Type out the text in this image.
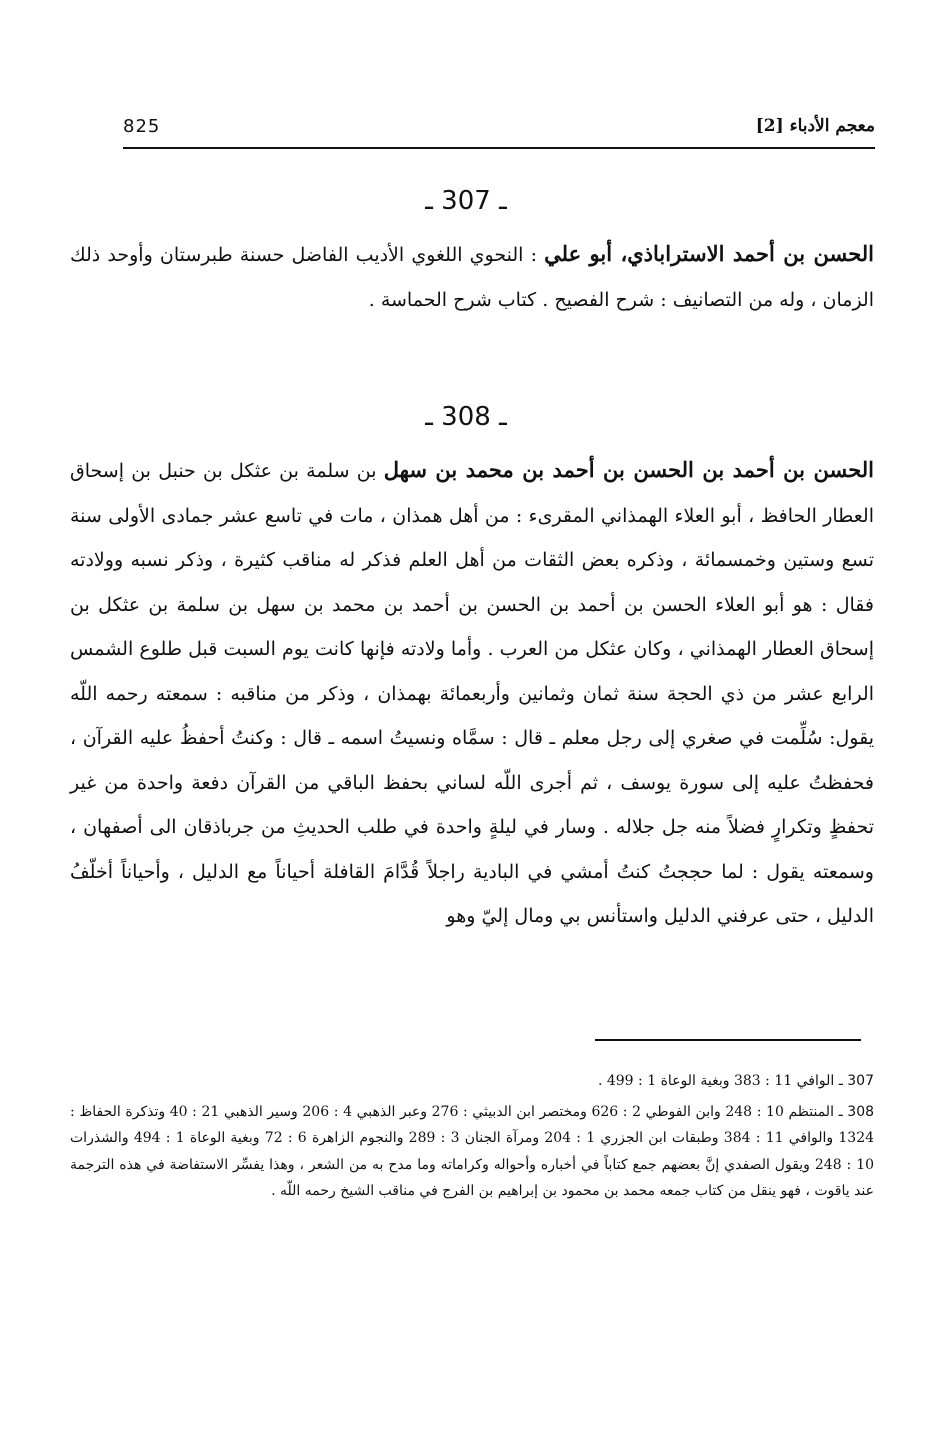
825	معجم الأدباء [2]
ـ 307 ـ
الحسن بن أحمد الاستراباذي، أبو علي : النحوي اللغوي الأديب الفاضل حسنة طبرستان وأوحد ذلك الزمان ، وله من التصانيف : شرح الفصيح . كتاب شرح الحماسة .
ـ 308 ـ
الحسن بن أحمد بن الحسن بن أحمد بن محمد بن سهل بن سلمة بن عثكل بن حنبل بن إسحاق العطار الحافظ ، أبو العلاء الهمذاني المقرىء : من أهل همذان ، مات في تاسع عشر جمادى الأولى سنة تسع وستين وخمسمائة ، وذكره بعض الثقات من أهل العلم فذكر له مناقب كثيرة ، وذكر نسبه وولادته فقال : هو أبو العلاء الحسن بن أحمد بن الحسن بن أحمد بن محمد بن سهل بن سلمة بن عثكل بن إسحاق العطار الهمذاني ، وكان عثكل من العرب . وأما ولادته فإنها كانت يوم السبت قبل طلوع الشمس الرابع عشر من ذي الحجة سنة ثمان وثمانين وأربعمائة بهمذان ، وذكر من مناقبه : سمعته رحمه اللّه يقول: سُلِّمت في صغري إلى رجل معلم ـ قال : سمَّاه ونسيتُ اسمه ـ قال : وكنتُ أحفظُ عليه القرآن ، فحفظتُ عليه إلى سورة يوسف ، ثم أجرى اللّه لساني بحفظ الباقي من القرآن دفعة واحدة من غير تحفظٍ وتكرارٍ فضلاً منه جل جلاله . وسار في ليلةٍ واحدة في طلب الحديثِ من جرباذقان الى أصفهان ، وسمعته يقول : لما حججتُ كنتُ أمشي في البادية راجلاً قُدَّامَ القافلة أحياناً مع الدليل ، وأحياناً أخلّفُ الدليل ، حتى عرفني الدليل واستأنس بي ومال إليّ وهو

307 ـ الوافي 11 : 383 وبغية الوعاة 1 : 499 .

308 ـ المنتظم 10 : 248 وابن الفوطي 2 : 626 ومختصر ابن الدبيثي : 276 وعبر الذهبي 4 : 206 وسير الذهبي 21 : 40 وتذكرة الحفاظ : 1324 والوافي 11 : 384 وطبقات ابن الجزري 1 : 204 ومرآة الجنان 3 : 289 والنجوم الزاهرة 6 : 72 وبغية الوعاة 1 : 494 والشذرات 10 : 248 ويقول الصفدي إنَّ بعضهم جمع كتاباً في أخباره وأحواله وكراماته وما مدح به من الشعر ، وهذا يفسِّر الاستفاضة في هذه الترجمة عند ياقوت ، فهو ينقل من كتاب جمعه محمد بن محمود بن إبراهيم بن الفرج في مناقب الشيخ رحمه اللّه .
